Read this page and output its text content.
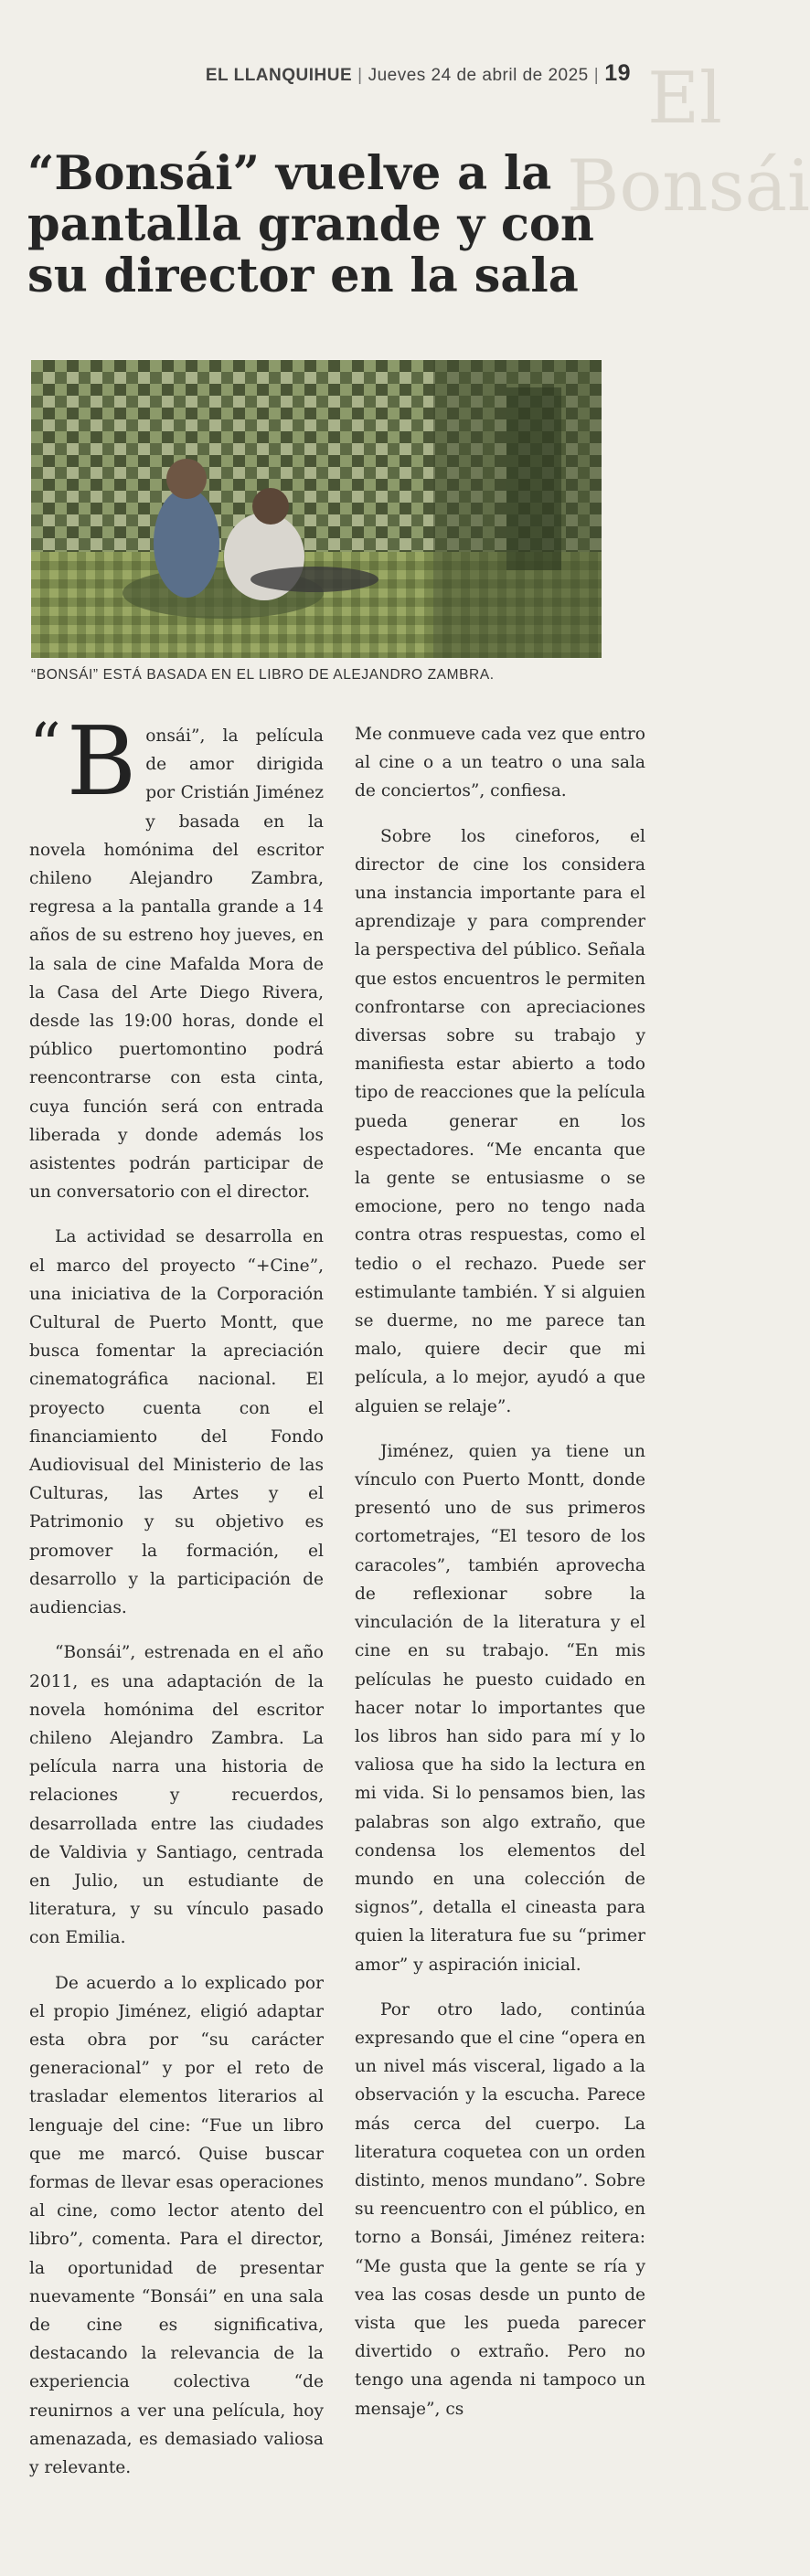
El Bonsái
EL LLANQUIHUE | Jueves 24 de abril de 2025 | 19
“Bonsái” vuelve a la pantalla grande y con su director en la sala
“BONSÁI” ESTÁ BASADA EN EL LIBRO DE ALEJANDRO ZAMBRA.

“ B onsái”, la película de amor dirigida por Cristián Jiménez y basada en la novela homónima del escritor chileno Alejandro Zambra, regresa a la pantalla grande a 14 años de su estreno hoy jueves, en la sala de cine Mafalda Mora de la Casa del Arte Diego Rivera, desde las 19:00 horas, donde el público puertomontino podrá reencontrarse con esta cinta, cuya función será con entrada liberada y donde además los asistentes podrán participar de un conversatorio con el director.

La actividad se desarrolla en el marco del proyecto “+Cine”, una iniciativa de la Corporación Cultural de Puerto Montt, que busca fomentar la apreciación cinematográfica nacional. El proyecto cuenta con el financiamiento del Fondo Audiovisual del Ministerio de las Culturas, las Artes y el Patrimonio y su objetivo es promover la formación, el desarrollo y la participación de audiencias.

“Bonsái”, estrenada en el año 2011, es una adaptación de la novela homónima del escritor chileno Alejandro Zambra. La película narra una historia de relaciones y recuerdos, desarrollada entre las ciudades de Valdivia y Santiago, centrada en Julio, un estudiante de literatura, y su vínculo pasado con Emilia.

De acuerdo a lo explicado por el propio Jiménez, eligió adaptar esta obra por “su carácter generacional” y por el reto de trasladar elementos literarios al lenguaje del cine: “Fue un libro que me marcó. Quise buscar formas de llevar esas operaciones al cine, como lector atento del libro”, comenta. Para el director, la oportunidad de presentar nuevamente “Bonsái” en una sala de cine es significativa, destacando la relevancia de la experiencia colectiva “de reunirnos a ver una película, hoy amenazada, es demasiado valiosa y relevante.

Me conmueve cada vez que entro al cine o a un teatro o una sala de conciertos”, confiesa.

Sobre los cineforos, el director de cine los considera una instancia importante para el aprendizaje y para comprender la perspectiva del público. Señala que estos encuentros le permiten confrontarse con apreciaciones diversas sobre su trabajo y manifiesta estar abierto a todo tipo de reacciones que la película pueda generar en los espectadores. “Me encanta que la gente se entusiasme o se emocione, pero no tengo nada contra otras respuestas, como el tedio o el rechazo. Puede ser estimulante también. Y si alguien se duerme, no me parece tan malo, quiere decir que mi película, a lo mejor, ayudó a que alguien se relaje”.

Jiménez, quien ya tiene un vínculo con Puerto Montt, donde presentó uno de sus primeros cortometrajes, “El tesoro de los caracoles”, también aprovecha de reflexionar sobre la vinculación de la literatura y el cine en su trabajo. “En mis películas he puesto cuidado en hacer notar lo importantes que los libros han sido para mí y lo valiosa que ha sido la lectura en mi vida. Si lo pensamos bien, las palabras son algo extraño, que condensa los elementos del mundo en una colección de signos”, detalla el cineasta para quien la literatura fue su “primer amor” y aspiración inicial.

Por otro lado, continúa expresando que el cine “opera en un nivel más visceral, ligado a la observación y la escucha. Parece más cerca del cuerpo. La literatura coquetea con un orden distinto, menos mundano”. Sobre su reencuentro con el público, en torno a Bonsái, Jiménez reitera: “Me gusta que la gente se ría y vea las cosas desde un punto de vista que les pueda parecer divertido o extraño. Pero no tengo una agenda ni tampoco un mensaje”, cs
